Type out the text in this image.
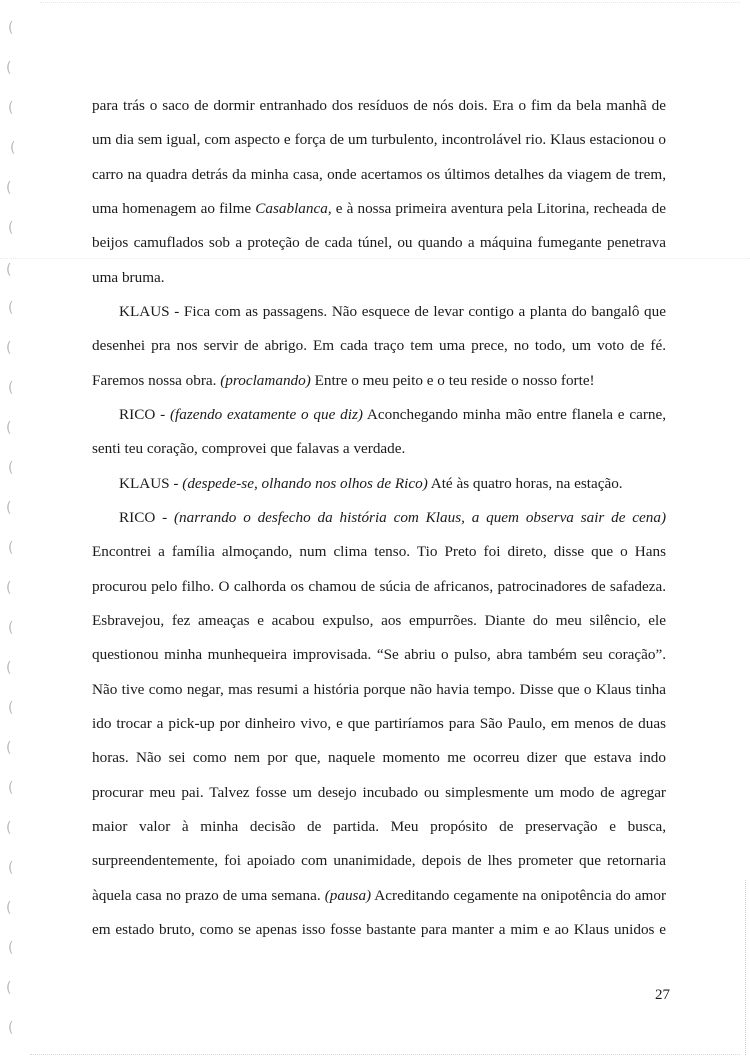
(
(
(
(
(
(
(
(
(
(
(
(
(
(
(
(
(
(
(
(
(
(
(
(
(
(

para trás o saco de dormir entranhado dos resíduos de nós dois. Era o fim da bela manhã de

um dia sem igual, com aspecto e força de um turbulento, incontrolável rio. Klaus estacionou o

carro na quadra detrás da minha casa, onde acertamos os últimos detalhes da viagem de trem,

uma homenagem ao filme Casablanca, e à nossa primeira aventura pela Litorina, recheada de

beijos camuflados sob a proteção de cada túnel, ou quando a máquina fumegante penetrava

uma bruma.

KLAUS - Fica com as passagens. Não esquece de levar contigo a planta do bangalô que

desenhei pra nos servir de abrigo. Em cada traço tem uma prece, no todo, um voto de fé.

Faremos nossa obra. (proclamando) Entre o meu peito e o teu reside o nosso forte!

RICO - (fazendo exatamente o que diz) Aconchegando minha mão entre flanela e carne,

senti teu coração, comprovei que falavas a verdade.

KLAUS - (despede-se, olhando nos olhos de Rico) Até às quatro horas, na estação.

RICO - (narrando o desfecho da história com Klaus, a quem observa sair de cena)

Encontrei a família almoçando, num clima tenso. Tio Preto foi direto, disse que o Hans

procurou pelo filho. O calhorda os chamou de súcia de africanos, patrocinadores de safadeza.

Esbravejou, fez ameaças e acabou expulso, aos empurrões. Diante do meu silêncio, ele

questionou minha munhequeira improvisada. “Se abriu o pulso, abra também seu coração”.

Não tive como negar, mas resumi a história porque não havia tempo. Disse que o Klaus tinha

ido trocar a pick-up por dinheiro vivo, e que partiríamos para São Paulo, em menos de duas

horas. Não sei como nem por que, naquele momento me ocorreu dizer que estava indo

procurar meu pai. Talvez fosse um desejo incubado ou simplesmente um modo de agregar

maior valor à minha decisão de partida. Meu propósito de preservação e busca,

surpreendentemente, foi apoiado com unanimidade, depois de lhes prometer que retornaria

àquela casa no prazo de uma semana. (pausa) Acreditando cegamente na onipotência do amor

em estado bruto, como se apenas isso fosse bastante para manter a mim e ao Klaus unidos e

27
